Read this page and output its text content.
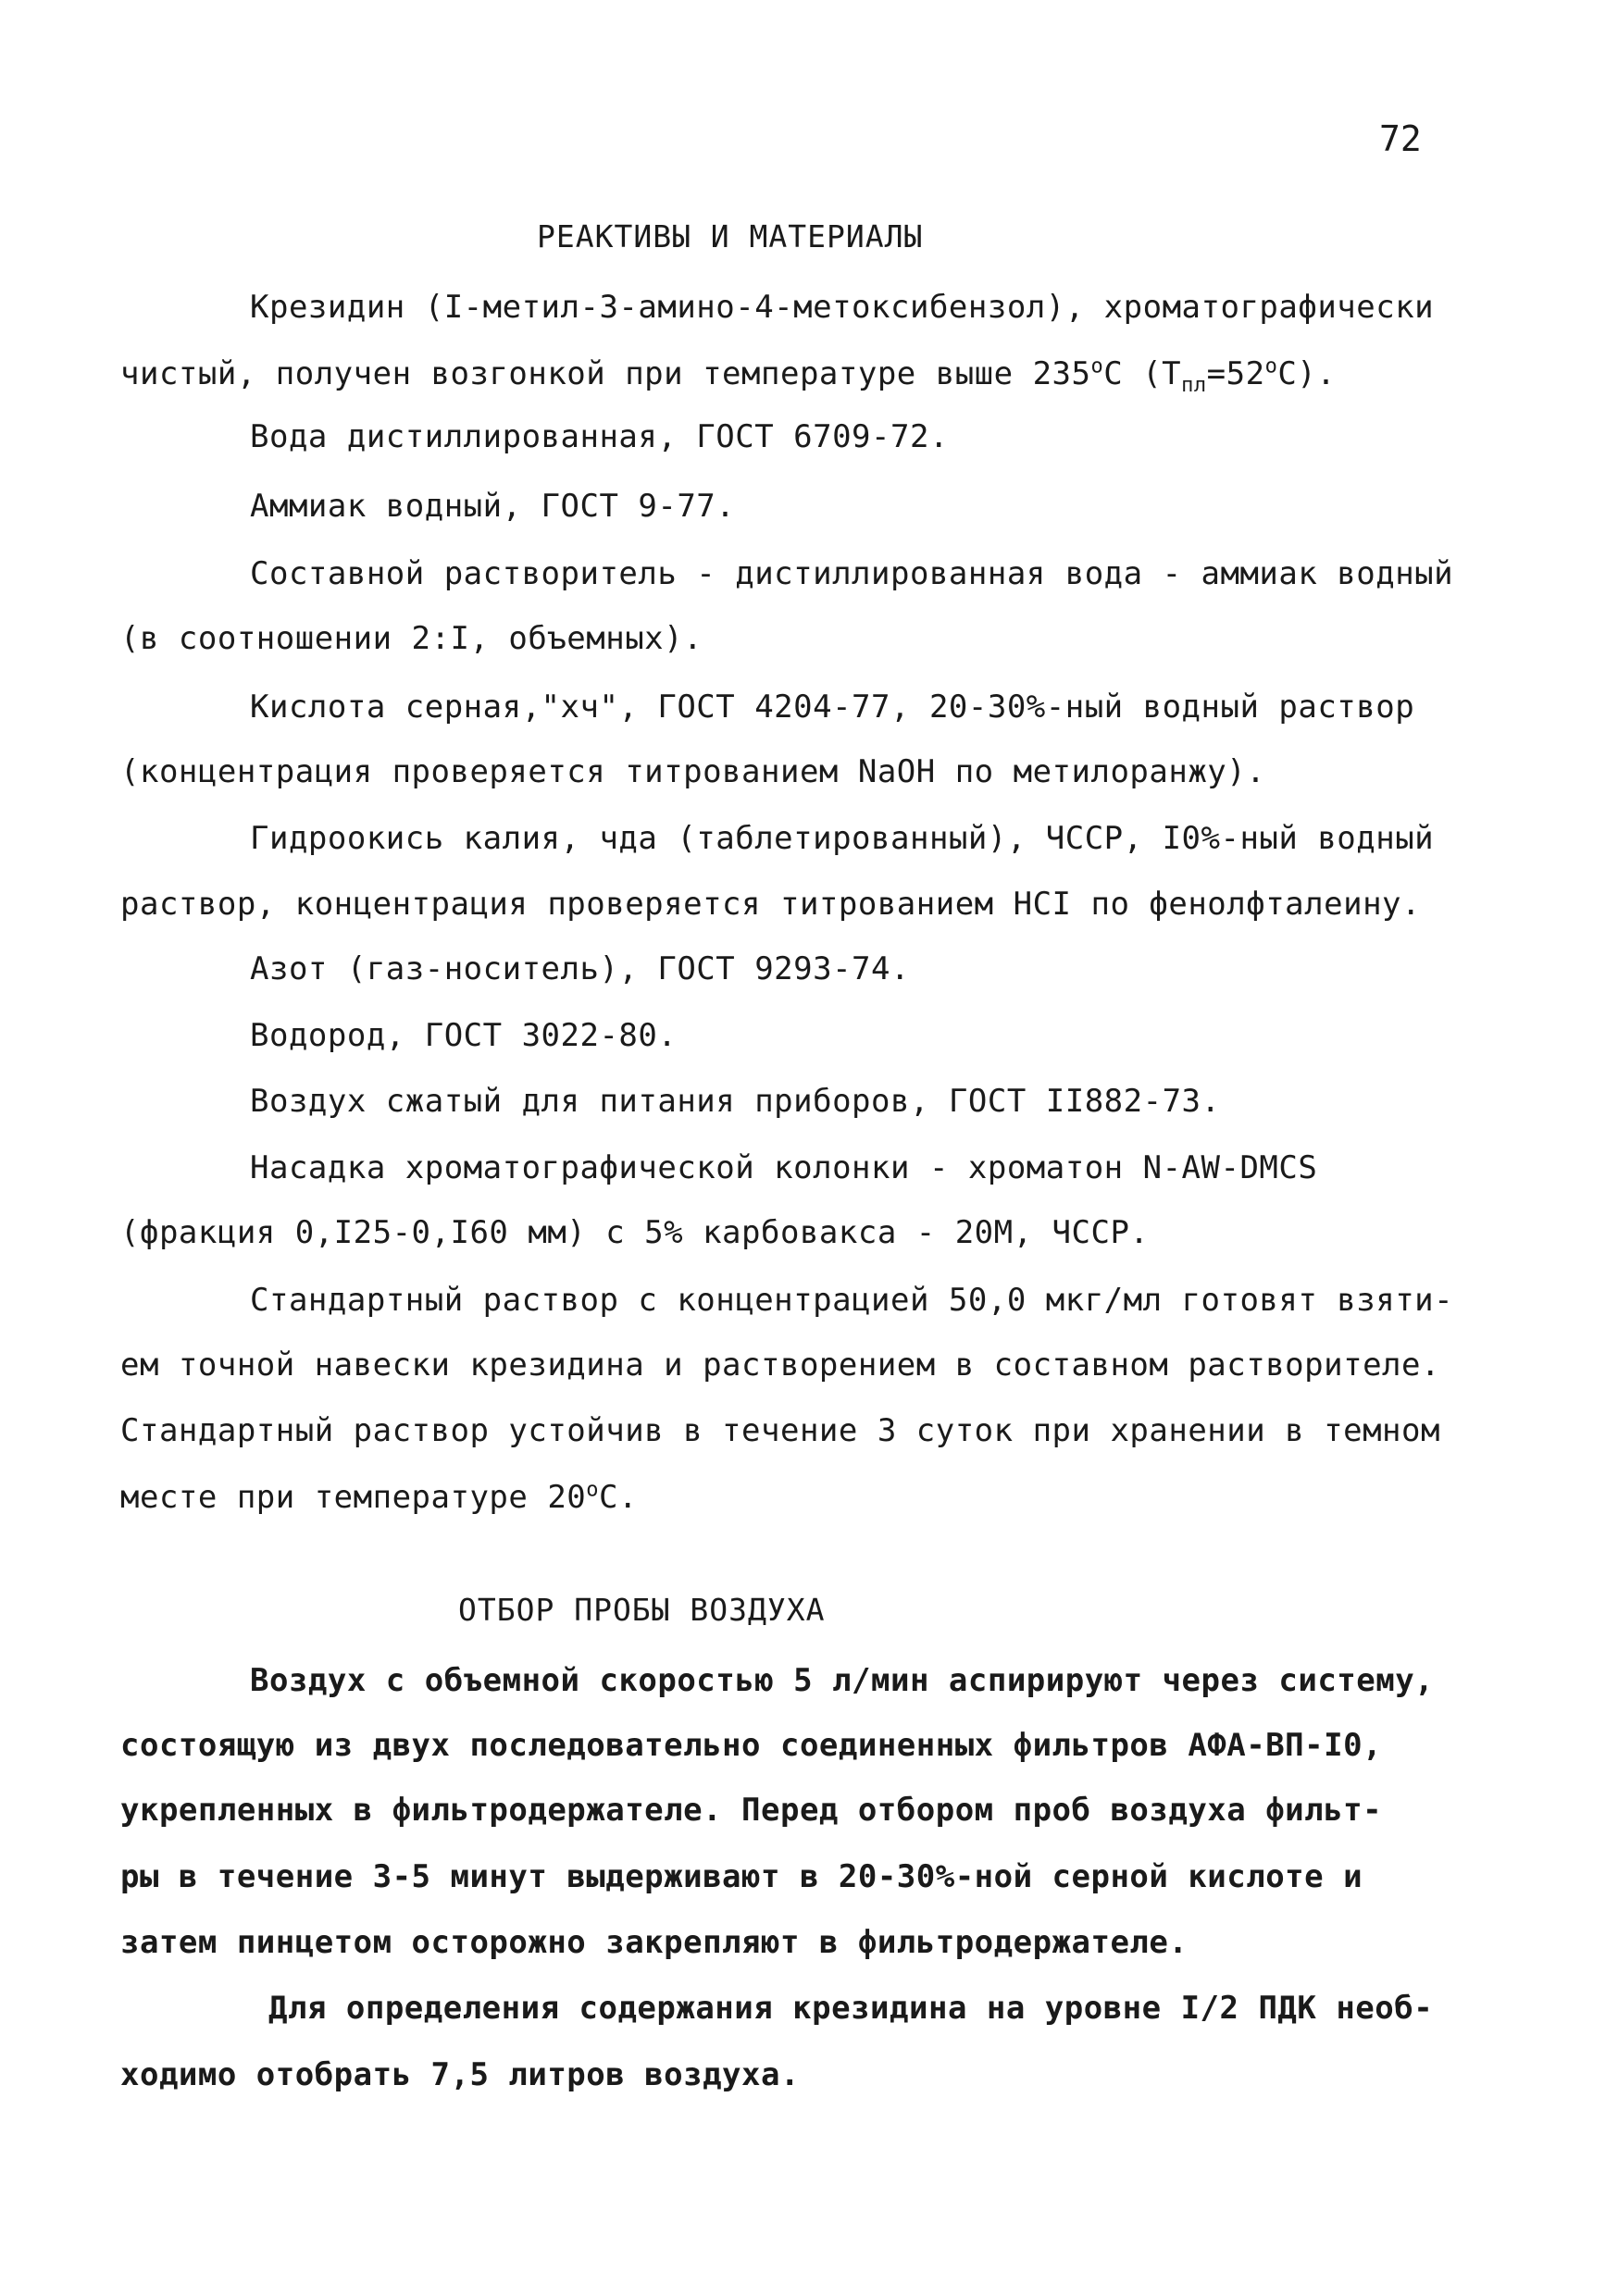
72
РЕАКТИВЫ И МАТЕРИАЛЫ
Крезидин (I-метил-3-амино-4-метоксибензол), хроматографически
чистый, получен возгонкой при температуре выше $235^оС$ $(Т_{пл}=52^оС)$.
Вода дистиллированная, ГОСТ 6709-72.
Аммиак водный, ГОСТ 9-77.
Составной растворитель - дистиллированная вода - аммиак водный
(в соотношении 2:I, объемных).
Кислота серная,"хч", ГОСТ 4204-77, 20-30%-ный водный раствор
(концентрация проверяется титрованием NaOH по метилоранжу).
Гидроокись калия, чда (таблетированный), ЧССР, I0%-ный водный
раствор, концентрация проверяется титрованием HCI по фенолфталеину.
Азот (газ-носитель), ГОСТ 9293-74.
Водород, ГОСТ 3022-80.
Воздух сжатый для питания приборов, ГОСТ II882-73.
Насадка хроматографической колонки - хроматон N-AW-DMCS
(фракция 0,I25-0,I60 мм) с 5% карбовакса - 20М, ЧССР.
Стандартный раствор с концентрацией 50,0 мкг/мл готовят взяти-
ем точной навески крезидина и растворением в составном растворителе.
Стандартный раствор устойчив в течение 3 суток при хранении в темном
месте при температуре $20^оС$.
ОТБОР ПРОБЫ ВОЗДУХА
Воздух с объемной скоростью 5 л/мин аспирируют через систему,
состоящую из двух последовательно соединенных фильтров АФА-ВП-I0,
укрепленных в фильтродержателе. Перед отбором проб воздуха фильт-
ры в течение 3-5 минут выдерживают в 20-30%-ной серной кислоте и
затем пинцетом осторожно закрепляют в фильтродержателе.
Для определения содержания крезидина на уровне I/2 ПДК необ-
ходимо отобрать 7,5 литров воздуха.
